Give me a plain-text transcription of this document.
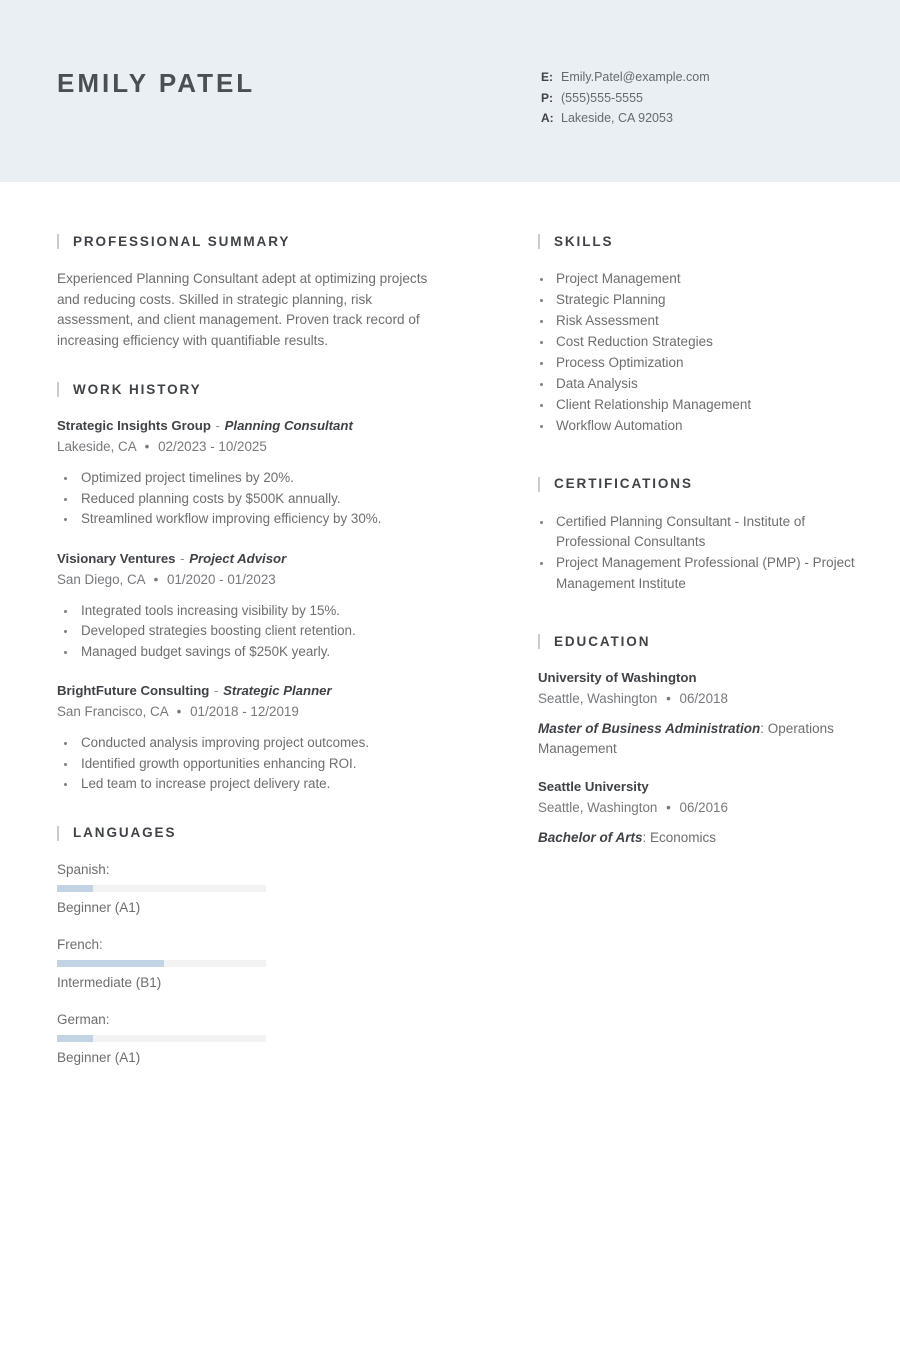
EMILY PATEL	E: Emily.Patel@example.com
P: (555)555-5555
A: Lakeside, CA 92053
PROFESSIONAL SUMMARY
Experienced Planning Consultant adept at optimizing projects and reducing costs. Skilled in strategic planning, risk assessment, and client management. Proven track record of increasing efficiency with quantifiable results.
WORK HISTORY
Strategic Insights Group - Planning Consultant
Lakeside, CA • 02/2023 - 10/2025
Optimized project timelines by 20%.
Reduced planning costs by $500K annually.
Streamlined workflow improving efficiency by 30%.
Visionary Ventures - Project Advisor
San Diego, CA • 01/2020 - 01/2023
Integrated tools increasing visibility by 15%.
Developed strategies boosting client retention.
Managed budget savings of $250K yearly.
BrightFuture Consulting - Strategic Planner
San Francisco, CA • 01/2018 - 12/2019
Conducted analysis improving project outcomes.
Identified growth opportunities enhancing ROI.
Led team to increase project delivery rate.
LANGUAGES
Spanish:
Beginner (A1)
French:
Intermediate (B1)
German:
Beginner (A1)
SKILLS
Project Management
Strategic Planning
Risk Assessment
Cost Reduction Strategies
Process Optimization
Data Analysis
Client Relationship Management
Workflow Automation
CERTIFICATIONS
Certified Planning Consultant - Institute of Professional Consultants
Project Management Professional (PMP) - Project Management Institute
EDUCATION
University of Washington
Seattle, Washington • 06/2018
Master of Business Administration: Operations Management
Seattle University
Seattle, Washington • 06/2016
Bachelor of Arts: Economics
